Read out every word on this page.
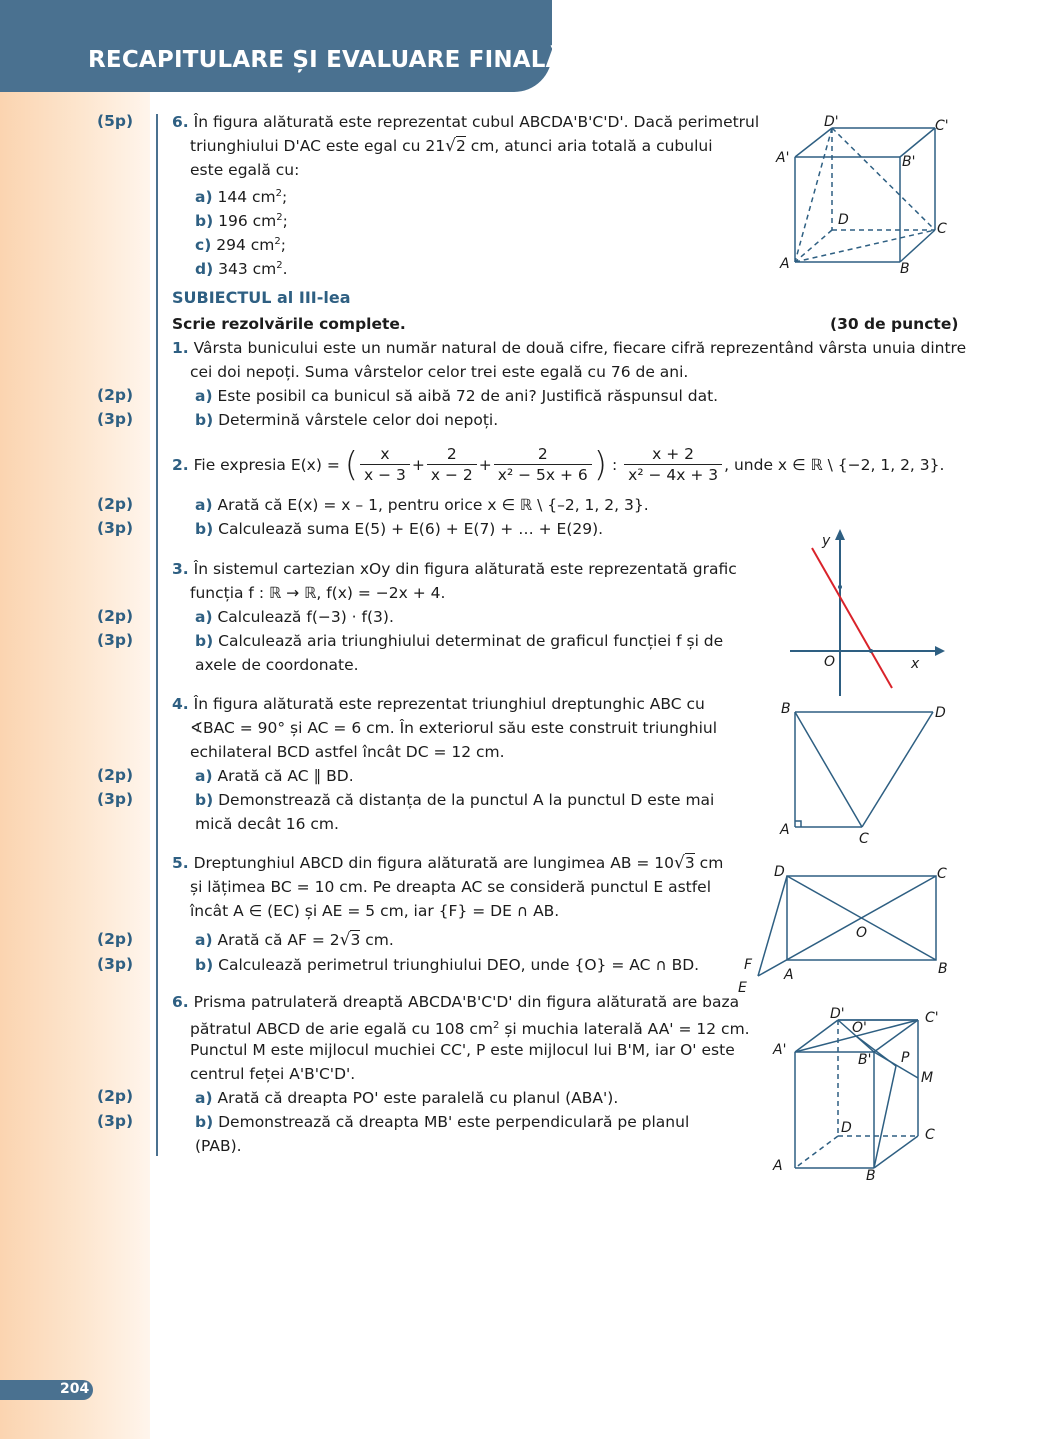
RECAPITULARE ȘI EVALUARE FINALĂ
(5p)
(2p)
(3p)
(2p)
(3p)
(2p)
(3p)
(2p)
(3p)
(2p)
(3p)
(2p)
(3p)
6. În figura alăturată este reprezentat cubul ABCDA'B'C'D'. Dacă perimetrul
triunghiului D'AC este egal cu 21√2 cm, atunci aria totală a cubului
este egală cu:
a) 144 $cm^2$;
b) 196 $cm^2$;
c) 294 $cm^2$;
d) 343 $cm^2$.
SUBIECTUL al III-lea
Scrie rezolvările complete.	(30 de puncte)
1. Vârsta bunicului este un număr natural de două cifre, fiecare cifră reprezentând vârsta unuia dintre
cei doi nepoți. Suma vârstelor celor trei este egală cu 76 de ani.
a) Este posibil ca bunicul să aibă 72 de ani? Justifică răspunsul dat.
b) Determină vârstele celor doi nepoți.
2.
Fie expresia E(x) =
( $\frac{x}{x - 3} + \frac{2}{x - 2} + \frac{2}{\text{x² − 5x + 6}}$ )
:
$\frac{x + 2}{\text{x² − 4x + 3}}$ , unde x ∈ ℝ \ {−2, 1, 2, 3}.
a) Arată că E(x) = x – 1, pentru orice x ∈ ℝ \ {–2, 1, 2, 3}.
b) Calculează suma E(5) + E(6) + E(7) + … + E(29).
3. În sistemul cartezian xOy din figura alăturată este reprezentată grafic
funcția f : ℝ → ℝ, f(x) = −2x + 4.
a) Calculează f(−3) · f(3).
b) Calculează aria triunghiului determinat de graficul funcției f și de
axele de coordonate.
4. În figura alăturată este reprezentat triunghiul dreptunghic ABC cu
∢BAC = 90° și AC = 6 cm. În exteriorul său este construit triunghiul
echilateral BCD astfel încât DC = 12 cm.
a) Arată că AC ∥ BD.
b) Demonstrează că distanța de la punctul A la punctul D este mai
mică decât 16 cm.
5. Dreptunghiul ABCD din figura alăturată are lungimea AB = 10√3 cm
și lățimea BC = 10 cm. Pe dreapta AC se consideră punctul E astfel
încât A ∈ (EC) și AE = 5 cm, iar {F} = DE ∩ AB.
a) Arată că AF = 2√3 cm.
b) Calculează perimetrul triunghiului DEO, unde {O} = AC ∩ BD.
6. Prisma patrulateră dreaptă ABCDA'B'C'D' din figura alăturată are baza
pătratul ABCD de arie egală cu 108 $cm^2$ și muchia laterală AA' = 12 cm.
Punctul M este mijlocul muchiei CC', P este mijlocul lui B'M, iar O' este
centrul feței A'B'C'D'.
a) Arată că dreapta PO' este paralelă cu planul (ABA').
b) Demonstrează că dreapta MB' este perpendiculară pe planul
(PAB).
D'	C'
A'	B'
D
C
A	B
y
O	x
B	D
A
C
D	C
O
F
A	B
E
D'
O'
C'
A'
B' P
M
D	C
A
B
204
